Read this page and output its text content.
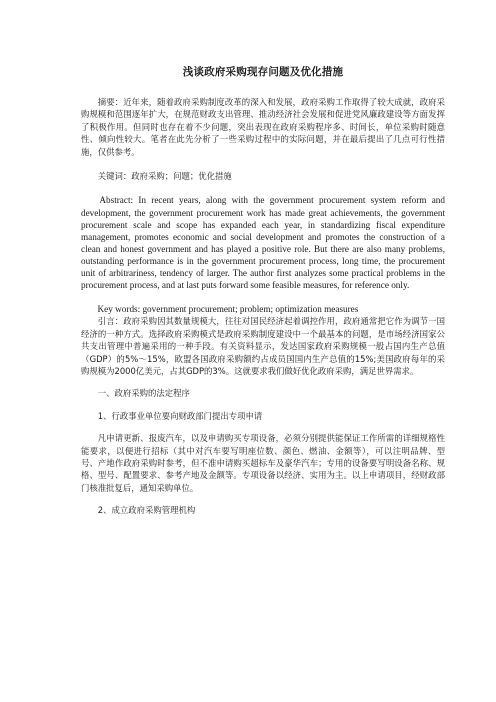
浅谈政府采购现存问题及优化措施

摘要：近年来，随着政府采购制度改革的深入和发展，政府采购工作取得了较大成就，政府采购规模和范围逐年扩大，在规范财政支出管理、推动经济社会发展和促进党风廉政建设等方面发挥了积极作用。但同时也存在着不少问题，突出表现在政府采购程序多、时间长，单位采购时随意性、倾向性较大。笔者在此先分析了一些采购过程中的实际问题，并在最后提出了几点可行性措施，仅供参考。

关键词：政府采购；问题；优化措施

Abstract: In recent years, along with the government procurement system reform and development, the government procurement work has made great achievements, the government procurement scale and scope has expanded each year, in standardizing fiscal expenditure management, promotes economic and social development and promotes the construction of a clean and honest government and has played a positive role. But there are also many problems, outstanding performance is in the government procurement process, long time, the procurement unit of arbitrariness, tendency of larger. The author first analyzes some practical problems in the procurement process, and at last puts forward some feasible measures, for reference only.

Key words: government procurement; problem; optimization measures

引言：政府采购因其数量规模大，往往对国民经济起着调控作用，政府通常把它作为调节一国经济的一种方式。选择政府采购模式是政府采购制度建设中一个最基本的问题，是市场经济国家公共支出管理中普遍采用的一种手段。有关资料显示，发达国家政府采购规模一般占国内生产总值（GDP）的5%～15%，欧盟各国政府采购额约占成员国国内生产总值的15%;美国政府每年的采购规模为2000亿美元，占其GDP的3%。这就要求我们做好优化政府采购，满足世界需求。

一、政府采购的法定程序

1、行政事业单位要向财政部门提出专项申请

凡申请更新、报废汽车，以及申请购买专项设备，必须分别提供能保证工作所需的详细规格性能要求，以便进行招标（其中对汽车要写明座位数、颜色、燃油、金额等），可以注明品牌、型号、产地作政府采购时参考，但不准申请购买超标车及豪华汽车；专用的设备要写明设备名称、规格、型号、配置要求、参考产地及金额等。专项设备以经济、实用为主。以上申请项目，经财政部门核准批复后，通知采购单位。

2、成立政府采购管理机构
